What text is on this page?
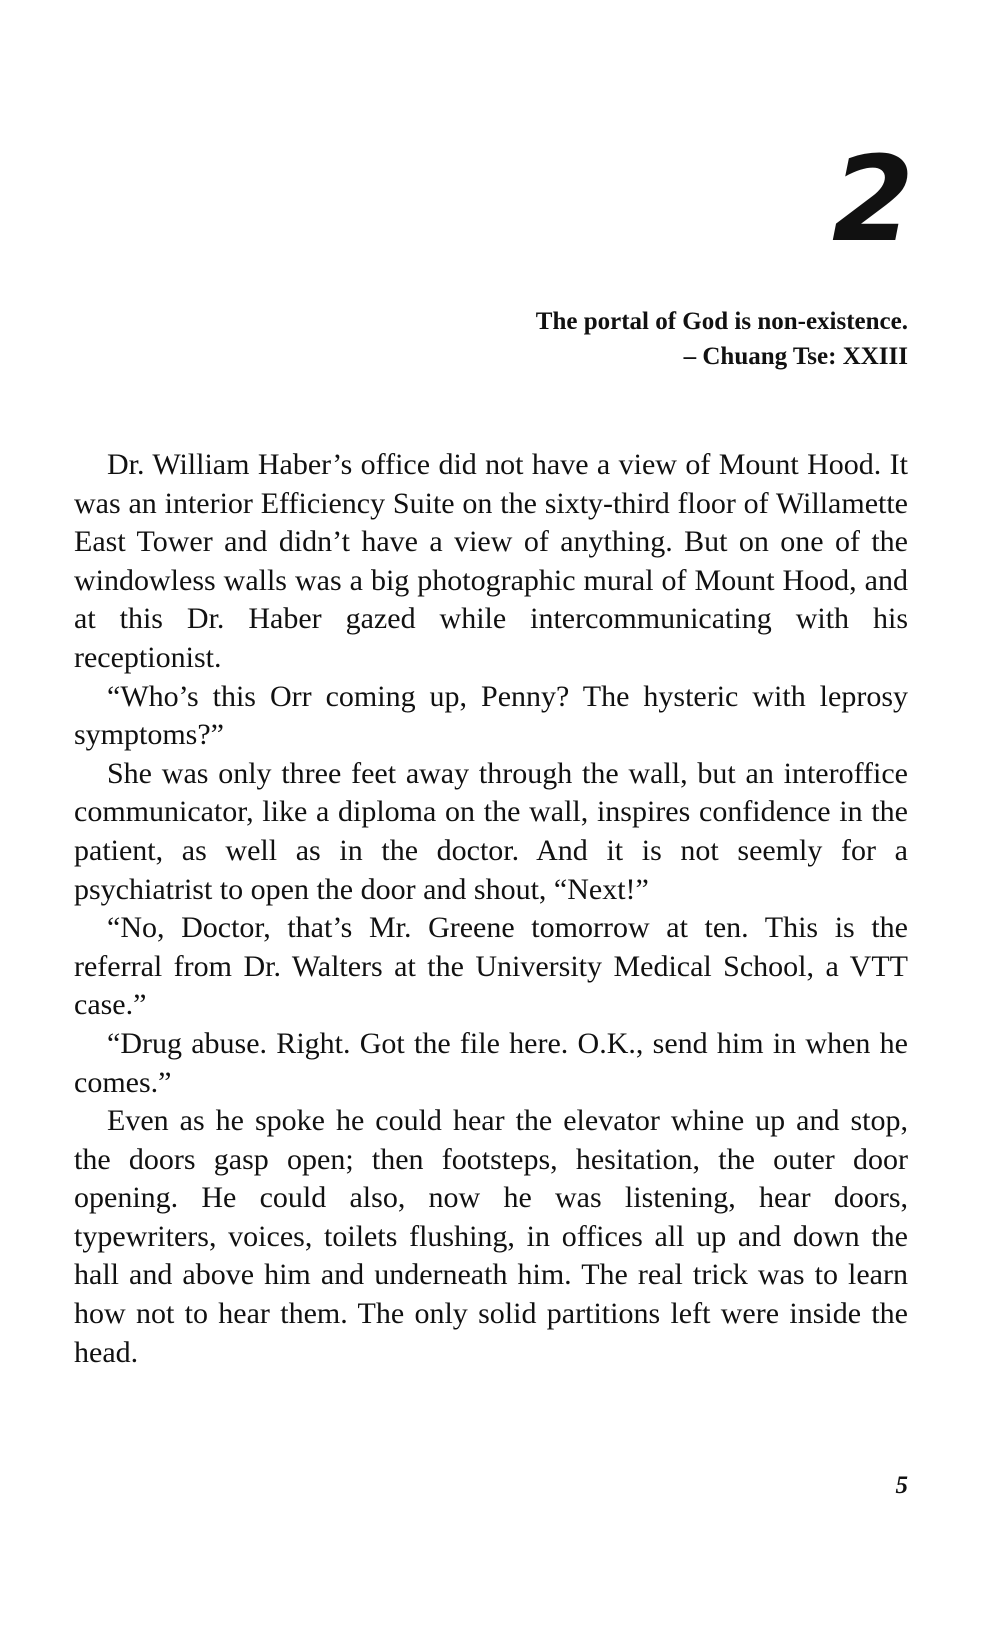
2
The portal of God is non-existence.
– Chuang Tse: XXIII

Dr. William Haber’s office did not have a view of Mount Hood. It was an interior Efficiency Suite on the sixty-third floor of Willamette East Tower and didn’t have a view of anything. But on one of the windowless walls was a big photographic mural of Mount Hood, and at this Dr. Haber gazed while intercommunicating with his receptionist.

“Who’s this Orr coming up, Penny? The hysteric with leprosy symptoms?”

She was only three feet away through the wall, but an interoffice communicator, like a diploma on the wall, inspires confidence in the patient, as well as in the doctor. And it is not seemly for a psychiatrist to open the door and shout, “Next!”

“No, Doctor, that’s Mr. Greene tomorrow at ten. This is the referral from Dr. Walters at the University Medical School, a VTT case.”

“Drug abuse. Right. Got the file here. O.K., send him in when he comes.”

Even as he spoke he could hear the elevator whine up and stop, the doors gasp open; then footsteps, hesitation, the outer door opening. He could also, now he was listening, hear doors, typewriters, voices, toilets flushing, in offices all up and down the hall and above him and underneath him. The real trick was to learn how not to hear them. The only solid partitions left were inside the head.

5
